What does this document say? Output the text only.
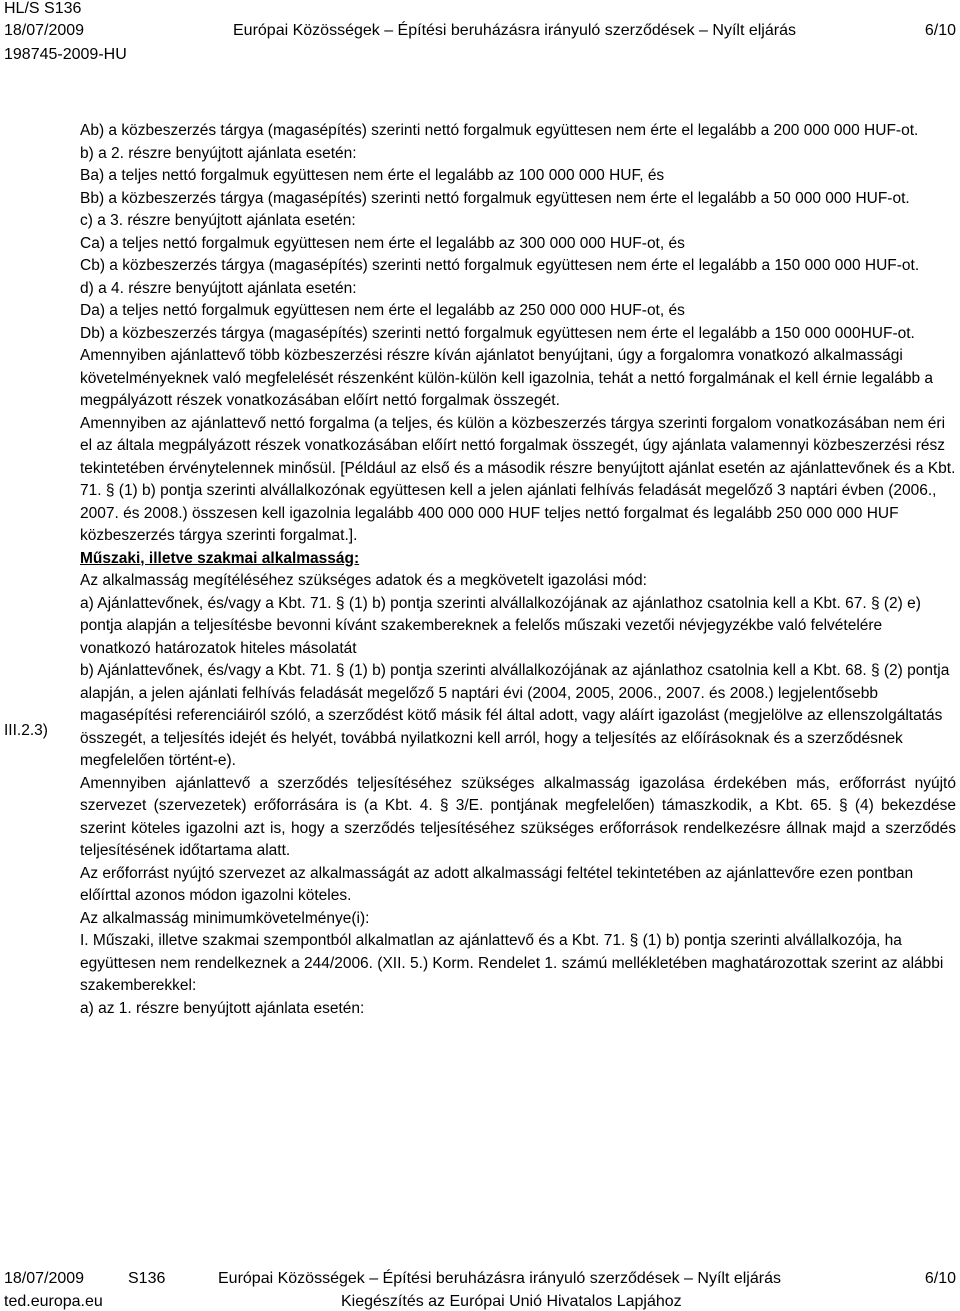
HL/S S136
18/07/2009
198745-2009-HU
Európai Közösségek – Építési beruházásra irányuló szerződések – Nyílt eljárás	6/10
III.2.3)

Ab) a közbeszerzés tárgya (magasépítés) szerinti nettó forgalmuk együttesen nem érte el legalább a 200 000 000 HUF-ot.

b) a 2. részre benyújtott ajánlata esetén:

Ba) a teljes nettó forgalmuk együttesen nem érte el legalább az 100 000 000 HUF, és

Bb) a közbeszerzés tárgya (magasépítés) szerinti nettó forgalmuk együttesen nem érte el legalább a 50 000 000 HUF-ot.

c) a 3. részre benyújtott ajánlata esetén:

Ca) a teljes nettó forgalmuk együttesen nem érte el legalább az 300 000 000 HUF-ot, és

Cb) a közbeszerzés tárgya (magasépítés) szerinti nettó forgalmuk együttesen nem érte el legalább a 150 000 000 HUF-ot.

d) a 4. részre benyújtott ajánlata esetén:

Da) a teljes nettó forgalmuk együttesen nem érte el legalább az 250 000 000 HUF-ot, és

Db) a közbeszerzés tárgya (magasépítés) szerinti nettó forgalmuk együttesen nem érte el legalább a 150 000 000HUF-ot.

Amennyiben ajánlattevő több közbeszerzési részre kíván ajánlatot benyújtani, úgy a forgalomra vonatkozó alkalmassági követelményeknek való megfelelését részenként külön-külön kell igazolnia, tehát a nettó forgalmának el kell érnie legalább a megpályázott részek vonatkozásában előírt nettó forgalmak összegét.

Amennyiben az ajánlattevő nettó forgalma (a teljes, és külön a közbeszerzés tárgya szerinti forgalom vonatkozásában nem éri el az általa megpályázott részek vonatkozásában előírt nettó forgalmak összegét, úgy ajánlata valamennyi közbeszerzési rész tekintetében érvénytelennek minősül. [Például az első és a második részre benyújtott ajánlat esetén az ajánlattevőnek és a Kbt. 71. § (1) b) pontja szerinti alvállalkozónak együttesen kell a jelen ajánlati felhívás feladását megelőző 3 naptári évben (2006., 2007. és 2008.) összesen kell igazolnia legalább 400 000 000 HUF teljes nettó forgalmat és legalább 250 000 000 HUF közbeszerzés tárgya szerinti forgalmat.].

Műszaki, illetve szakmai alkalmasság:

Az alkalmasság megítéléséhez szükséges adatok és a megkövetelt igazolási mód:

a) Ajánlattevőnek, és/vagy a Kbt. 71. § (1) b) pontja szerinti alvállalkozójának az ajánlathoz csatolnia kell a Kbt. 67. § (2) e) pontja alapján a teljesítésbe bevonni kívánt szakembereknek a felelős műszaki vezetői névjegyzékbe való felvételére vonatkozó határozatok hiteles másolatát

b) Ajánlattevőnek, és/vagy a Kbt. 71. § (1) b) pontja szerinti alvállalkozójának az ajánlathoz csatolnia kell a Kbt. 68. § (2) pontja alapján, a jelen ajánlati felhívás feladását megelőző 5 naptári évi (2004, 2005, 2006., 2007. és 2008.) legjelentősebb magasépítési referenciáiról szóló, a szerződést kötő másik fél által adott, vagy aláírt igazolást (megjelölve az ellenszolgáltatás összegét, a teljesítés idejét és helyét, továbbá nyilatkozni kell arról, hogy a teljesítés az előírásoknak és a szerződésnek megfelelően történt-e).

Amennyiben ajánlattevő a szerződés teljesítéséhez szükséges alkalmasság igazolása érdekében más, erőforrást nyújtó szervezet (szervezetek) erőforrására is (a Kbt. 4. § 3/E. pontjának megfelelően) támaszkodik, a Kbt. 65. § (4) bekezdése szerint köteles igazolni azt is, hogy a szerződés teljesítéséhez szükséges erőforrások rendelkezésre állnak majd a szerződés teljesítésének időtartama alatt.

Az erőforrást nyújtó szervezet az alkalmasságát az adott alkalmassági feltétel tekintetében az ajánlattevőre ezen pontban előírttal azonos módon igazolni köteles.

Az alkalmasság minimumkövetelménye(i):

I. Műszaki, illetve szakmai szempontból alkalmatlan az ajánlattevő és a Kbt. 71. § (1) b) pontja szerinti alvállalkozója, ha együttesen nem rendelkeznek a 244/2006. (XII. 5.) Korm. Rendelet 1. számú mellékletében maghatározottak szerint az alábbi szakemberekkel:

a) az 1. részre benyújtott ajánlata esetén:

18/07/2009	S136	Európai Közösségek – Építési beruházásra irányuló szerződések – Nyílt eljárás	6/10
ted.europa.eu	Kiegészítés az Európai Unió Hivatalos Lapjához
